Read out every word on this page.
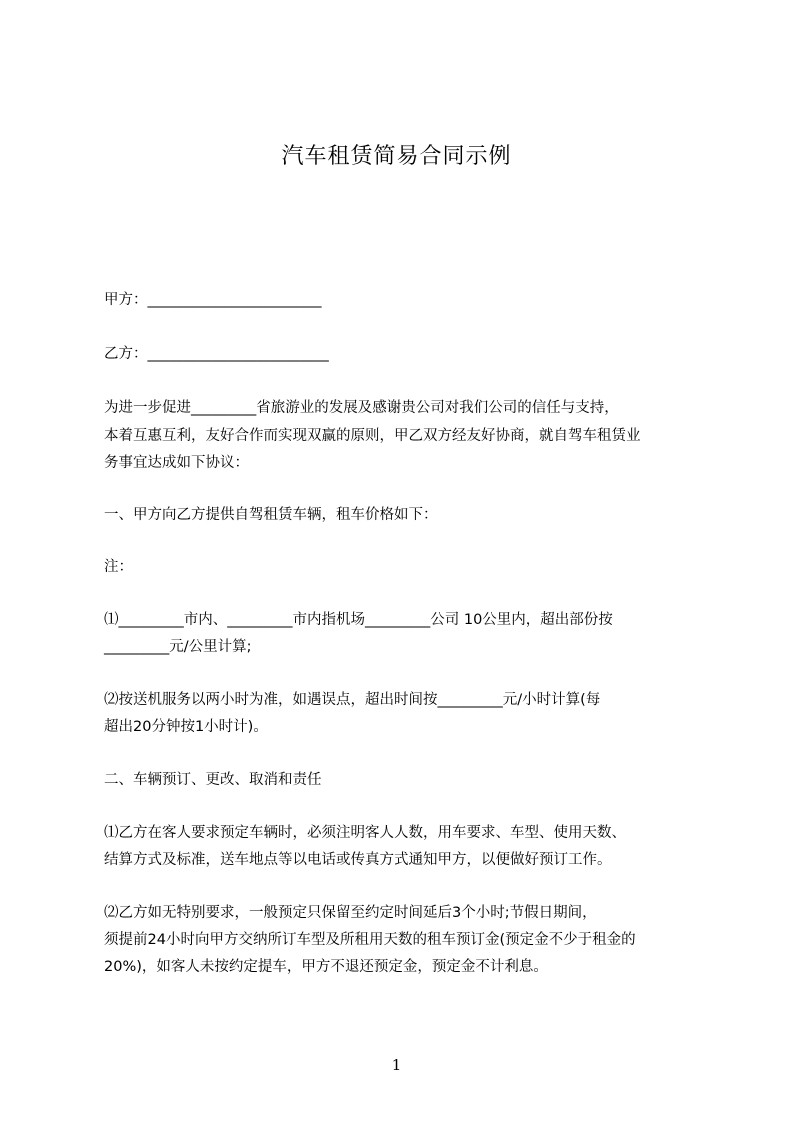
汽车租赁简易合同示例
甲方：________________________
乙方：_________________________
为进一步促进_________省旅游业的发展及感谢贵公司对我们公司的信任与支持，
本着互惠互利，友好合作而实现双赢的原则，甲乙双方经友好协商，就自驾车租赁业
务事宜达成如下协议：
一、甲方向乙方提供自驾租赁车辆，租车价格如下：
注：
⑴_________市内、_________市内指机场_________公司 10公里内，超出部份按
_________元/公里计算;
⑵按送机服务以两小时为准，如遇误点，超出时间按_________元/小时计算(每
超出20分钟按1小时计)。
二、车辆预订、更改、取消和责任
⑴乙方在客人要求预定车辆时，必须注明客人人数，用车要求、车型、使用天数、
结算方式及标准，送车地点等以电话或传真方式通知甲方，以便做好预订工作。
⑵乙方如无特别要求，一般预定只保留至约定时间延后3个小时;节假日期间，
须提前24小时向甲方交纳所订车型及所租用天数的租车预订金(预定金不少于租金的
20%)，如客人未按约定提车，甲方不退还预定金，预定金不计利息。
1
